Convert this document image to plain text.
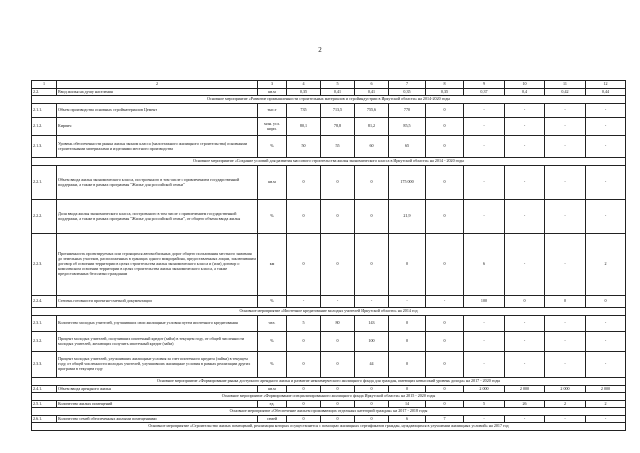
2
1	2	3	4	5	6	7	8	9	10	11	12	
2.2.	Ввод жилья на душу населения	кв.м	0,35	0,41	0,41	0,35	0,35	0,37	0,4	0,42	0,44	
Основное мероприятие «Развитие промышленности строительных материалов и стройиндустрии в Иркутской области» на 2014-2020 годы												
2.1.1.	Объем производства основных стройматериалов Цемент	тыс.т	735	713,5	755,6	770	0	-	-	-	-	
2.1.2.	Кирпич	млн. усл. кирп.	80,1	78,8	81,2	85,5	0	-	-	-	-	
2.1.3.	Уровень обеспеченности рынка жилья эконом класса (малоэтажного жилищного строительства) основными строительными материалами и изделиями местного производства	%	50	55	60	65	0	-	-	-	-	
Основное мероприятие «Создание условий для развития массового строительства жилья экономического класса в Иркутской области» на 2014 - 2020 годы												
2.2.1.	Объем ввода жилья экономического класса, построенного в том числе с привлечением государственной поддержки, а также в рамках программы "Жилье для российской семьи"	кв.м	0	0	0	175 000	0	-	-	-	-	
2.2.2.	Доля ввода жилья экономического класса, построенного в том числе с привлечением государственной поддержки, а также в рамках программы "Жилье для российской семьи", от общего объема ввода жилья	%	0	0	0	21,9	0	-	-	-	-	
2.2.3.	Протяженность проектируемых или строящихся автомобильных дорог общего пользования местного значения до земельных участков, расположенных в границах одного микрорайона, предоставленных лицам, заключившим договор об освоении территории в целях строительства жилья экономического класса и (или) договор о комплексном освоении территории в целях строительства жилья экономического класса, а также предоставленных бесплатно гражданам	км	0	0	0	0	0	6	-	-	2	
2.2.4.	Степень готовности проектно-сметной документации	%	-	-	-	-	-	100	0	0	0	
Основное мероприятие «Ипотечное кредитование молодых учителей Иркутской области» на 2014 год												
2.3.1.	Количество молодых учителей, улучшивших свои жилищные условия путем ипотечного кредитования	чел.	5	80	143	0	0	-	-	-	-	
2.3.2.	Процент молодых учителей, получивших ипотечный кредит (займ) в текущем году, от общей численности молодых учителей, желающих получить ипотечный кредит (займ)	%	0	0	100	0	0	-	-	-	-	
2.3.3.	Процент молодых учителей, улучшивших жилищные условия за счет ипотечного кредита (займа) в текущем году, от общей численности молодых учителей, улучшивших жилищные условия в рамках реализации других программ в текущем году	%	0	0	44	0	0	-	-	-	-	
Основное мероприятие «Формирование рынка доступного арендного жилья и развитие некоммерческого жилищного фонда для граждан, имеющих невысокий уровень дохода» на 2017 - 2020 годы												
2.4.1.	Объем ввода арендного жилья	кв.м	0	0	0	0	0	2 000	2 000	2 000	2 000	
Основное мероприятие «Формирование специализированного жилищного фонда Иркутской области» на 2015 - 2020 годы												
2.5.1.	Количество жилых помещений	ед.	0	0	0	14	0	5	26	2	2	
Основное мероприятие «Обеспечение жильем проживающих отдельных категорий граждан» на 2017 - 2018 годы												
2.6.1.	Количество семей обеспеченных жилыми помещениями	семей	0	0	0	6	7	-	-	-	-	
Основное мероприятие «Строительство жилых помещений, реализация которых осуществляется с помощью жилищных сертификатов граждан, нуждающихся в улучшении жилищных условий» на 2017 год												
